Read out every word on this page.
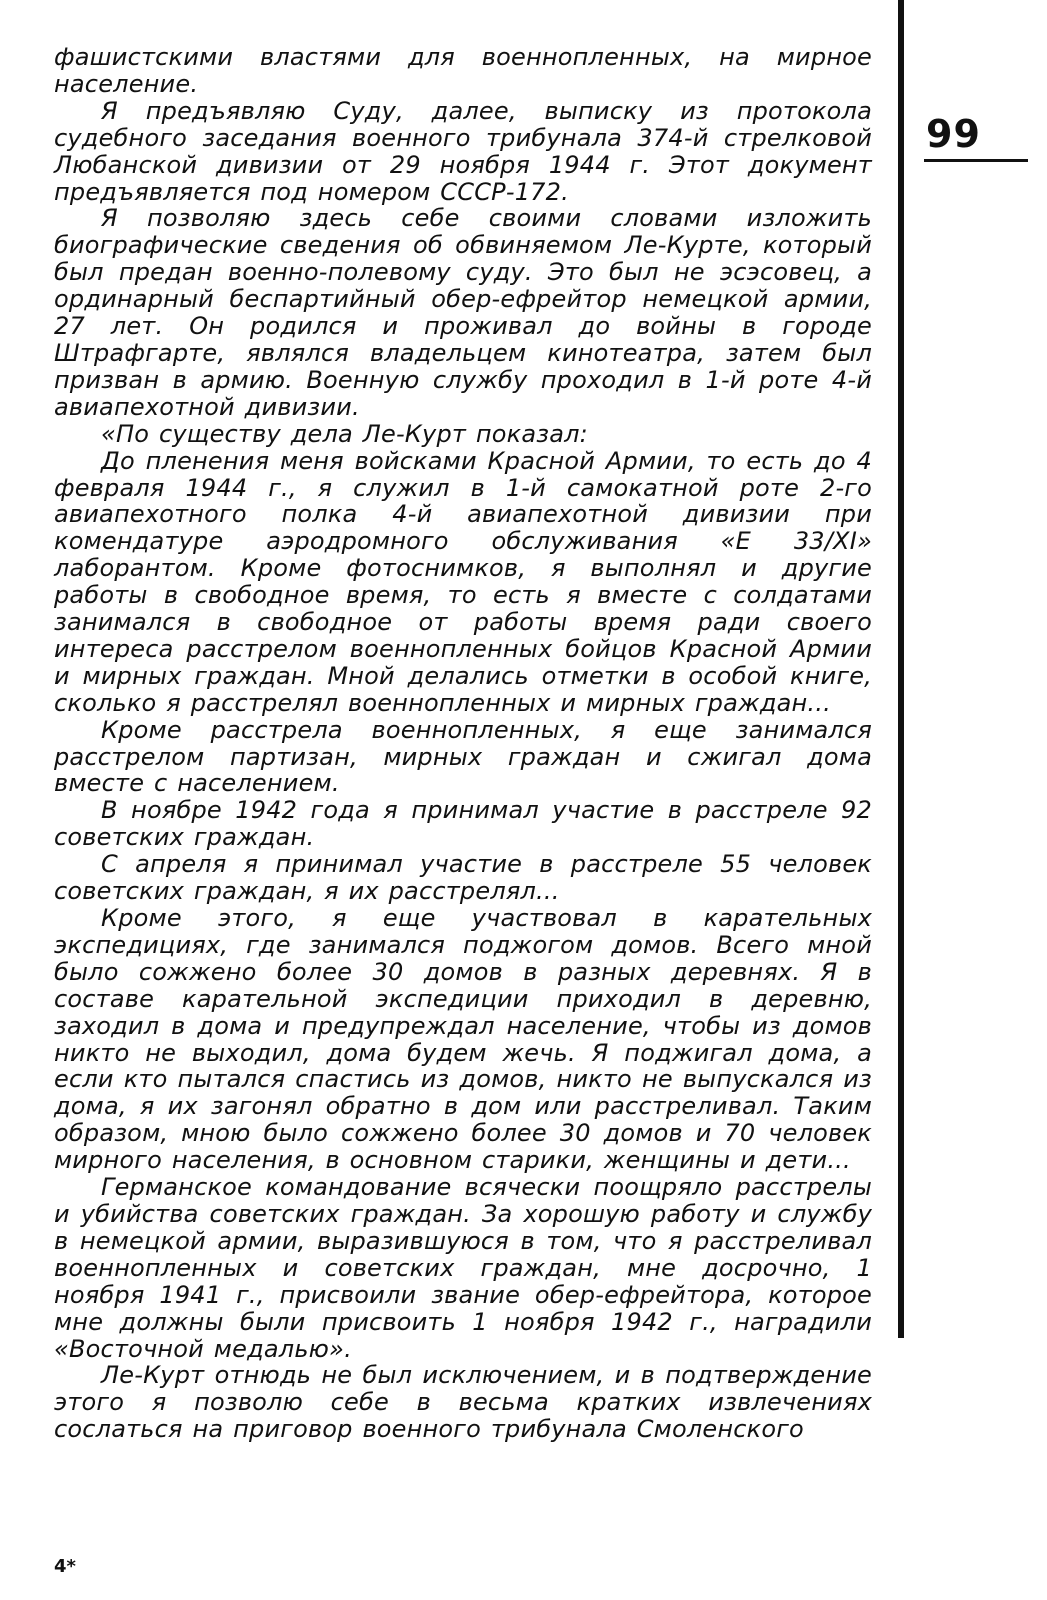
фашистскими властями для военнопленных, на мирное население.

Я предъявляю Суду, далее, выписку из протокола судебного заседания военного трибунала 374-й стрелковой Любанской дивизии от 29 ноября 1944 г. Этот документ предъявляется под номером СССР-172.

Я позволяю здесь себе своими словами изложить биографические сведения об обвиняемом Ле-Курте, который был предан военно-полевому суду. Это был не эсэсовец, а ординарный беспартийный обер-ефрейтор немецкой армии, 27 лет. Он родился и проживал до войны в городе Штрафгарте, являлся владельцем кинотеатра, затем был призван в армию. Военную службу проходил в 1-й роте 4-й авиапехотной дивизии.

«По существу дела Ле-Курт показал:

До пленения меня войсками Красной Армии, то есть до 4 февраля 1944 г., я служил в 1-й самокатной роте 2-го авиапехотного полка 4-й авиапехотной дивизии при комендатуре аэродромного обслуживания «Е 33/XI» лаборантом. Кроме фотоснимков, я выполнял и другие работы в свободное время, то есть я вместе с солдатами занимался в свободное от работы время ради своего интереса расстрелом военнопленных бойцов Красной Армии и мирных граждан. Мной делались отметки в особой книге, сколько я расстрелял военнопленных и мирных граждан...

Кроме расстрела военнопленных, я еще занимался расстрелом партизан, мирных граждан и сжигал дома вместе с населением.

В ноябре 1942 года я принимал участие в расстреле 92 советских граждан.

С апреля я принимал участие в расстреле 55 человек советских граждан, я их расстрелял...

Кроме этого, я еще участвовал в карательных экспедициях, где занимался поджогом домов. Всего мной было сожжено более 30 домов в разных деревнях. Я в составе карательной экспедиции приходил в деревню, заходил в дома и предупреждал население, чтобы из домов никто не выходил, дома будем жечь. Я поджигал дома, а если кто пытался спастись из домов, никто не выпускался из дома, я их загонял обратно в дом или расстреливал. Таким образом, мною было сожжено более 30 домов и 70 человек мирного населения, в основном старики, женщины и дети...

Германское командование всячески поощряло расстрелы и убийства советских граждан. За хорошую работу и службу в немецкой армии, выразившуюся в том, что я расстреливал военнопленных и советских граждан, мне досрочно, 1 ноября 1941 г., присвоили звание обер-ефрейтора, которое мне должны были присвоить 1 ноября 1942 г., наградили «Восточной медалью».

Ле-Курт отнюдь не был исключением, и в подтверждение этого я позволю себе в весьма кратких извлечениях сослаться на приговор военного трибунала Смоленского

99
4*
